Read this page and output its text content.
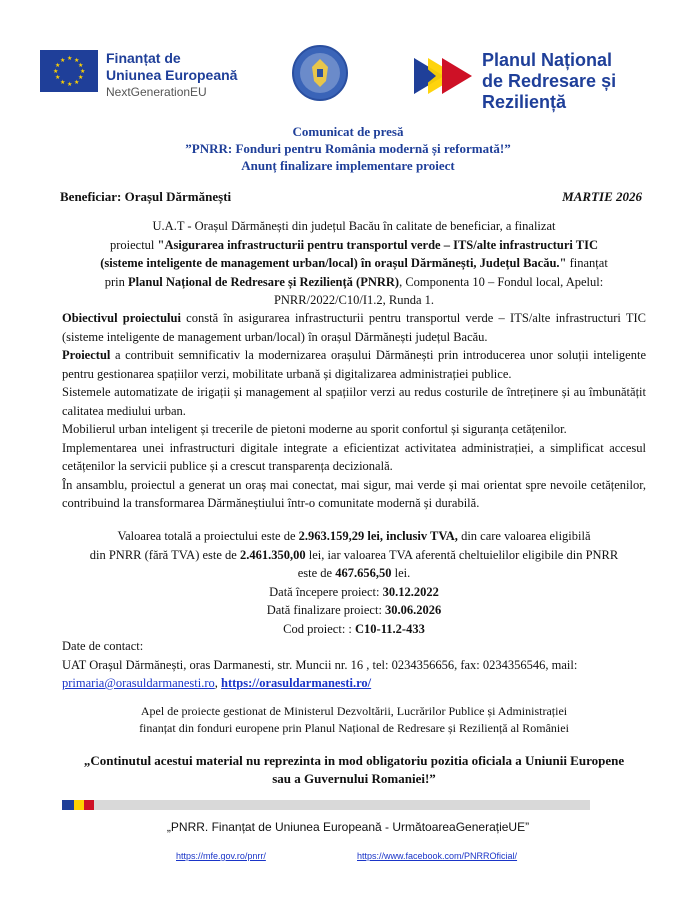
★ ★
★
★
★
★
★
★
★
★
★
★	Finanțat de
Uniunea Europeană
NextGenerationEU
Planul Național
de Redresare și Reziliență
Comunicat de presă
”PNRR: Fonduri pentru România modernă și reformată!”
Anunț finalizare implementare proiect
Beneficiar: Orașul Dărmănești	MARTIE 2026
U.A.T - Orașul Dărmănești din județul Bacău în calitate de beneficiar, a finalizat
proiectul "Asigurarea infrastructurii pentru transportul verde – ITS/alte infrastructuri TIC
(sisteme inteligente de management urban/local) în orașul Dărmănești, Județul Bacău." finanțat
prin Planul Național de Redresare și Reziliență (PNRR), Componenta 10 – Fondul local, Apelul:
PNRR/2022/C10/I1.2, Runda 1.
Obiectivul proiectului constă în asigurarea infrastructurii pentru transportul verde – ITS/alte infrastructuri TIC (sisteme inteligente de management urban/local) în orașul Dărmănești județul Bacău.
Proiectul a contribuit semnificativ la modernizarea orașului Dărmănești prin introducerea unor soluții inteligente pentru gestionarea spațiilor verzi, mobilitate urbană și digitalizarea administrației publice.
Sistemele automatizate de irigații și management al spațiilor verzi au redus costurile de întreținere și au îmbunătățit calitatea mediului urban.
Mobilierul urban inteligent și trecerile de pietoni moderne au sporit confortul și siguranța cetățenilor.
Implementarea unei infrastructuri digitale integrate a eficientizat activitatea administrației, a simplificat accesul cetățenilor la servicii publice și a crescut transparența decizională.
În ansamblu, proiectul a generat un oraș mai conectat, mai sigur, mai verde și mai orientat spre nevoile cetățenilor, contribuind la transformarea Dărmăneștiului într-o comunitate modernă și durabilă.
Valoarea totală a proiectului este de 2.963.159,29 lei, inclusiv TVA, din care valoarea eligibilă
din PNRR (fără TVA) este de 2.461.350,00 lei, iar valoarea TVA aferentă cheltuielilor eligibile din PNRR
este de 467.656,50 lei.
Dată începere proiect: 30.12.2022
Dată finalizare proiect: 30.06.2026
Cod proiect: : C10-11.2-433
Date de contact:
UAT Orașul Dărmănești, oras Darmanesti, str. Muncii nr. 16 , tel: 0234356656, fax: 0234356546, mail:
primaria@orasuldarmanesti.ro, https://orasuldarmanesti.ro/
Apel de proiecte gestionat de Ministerul Dezvoltării, Lucrărilor Publice și Administrației
finanțat din fonduri europene prin Planul Național de Redresare și Reziliență al României
„Continutul acestui material nu reprezinta in mod obligatoriu pozitia oficiala a Uniunii Europene
sau a Guvernului Romaniei!”
„PNRR. Finanțat de Uniunea Europeană - UrmătoareaGenerațieUE”
https://mfe.gov.ro/pnrr/	https://www.facebook.com/PNRROficial/
